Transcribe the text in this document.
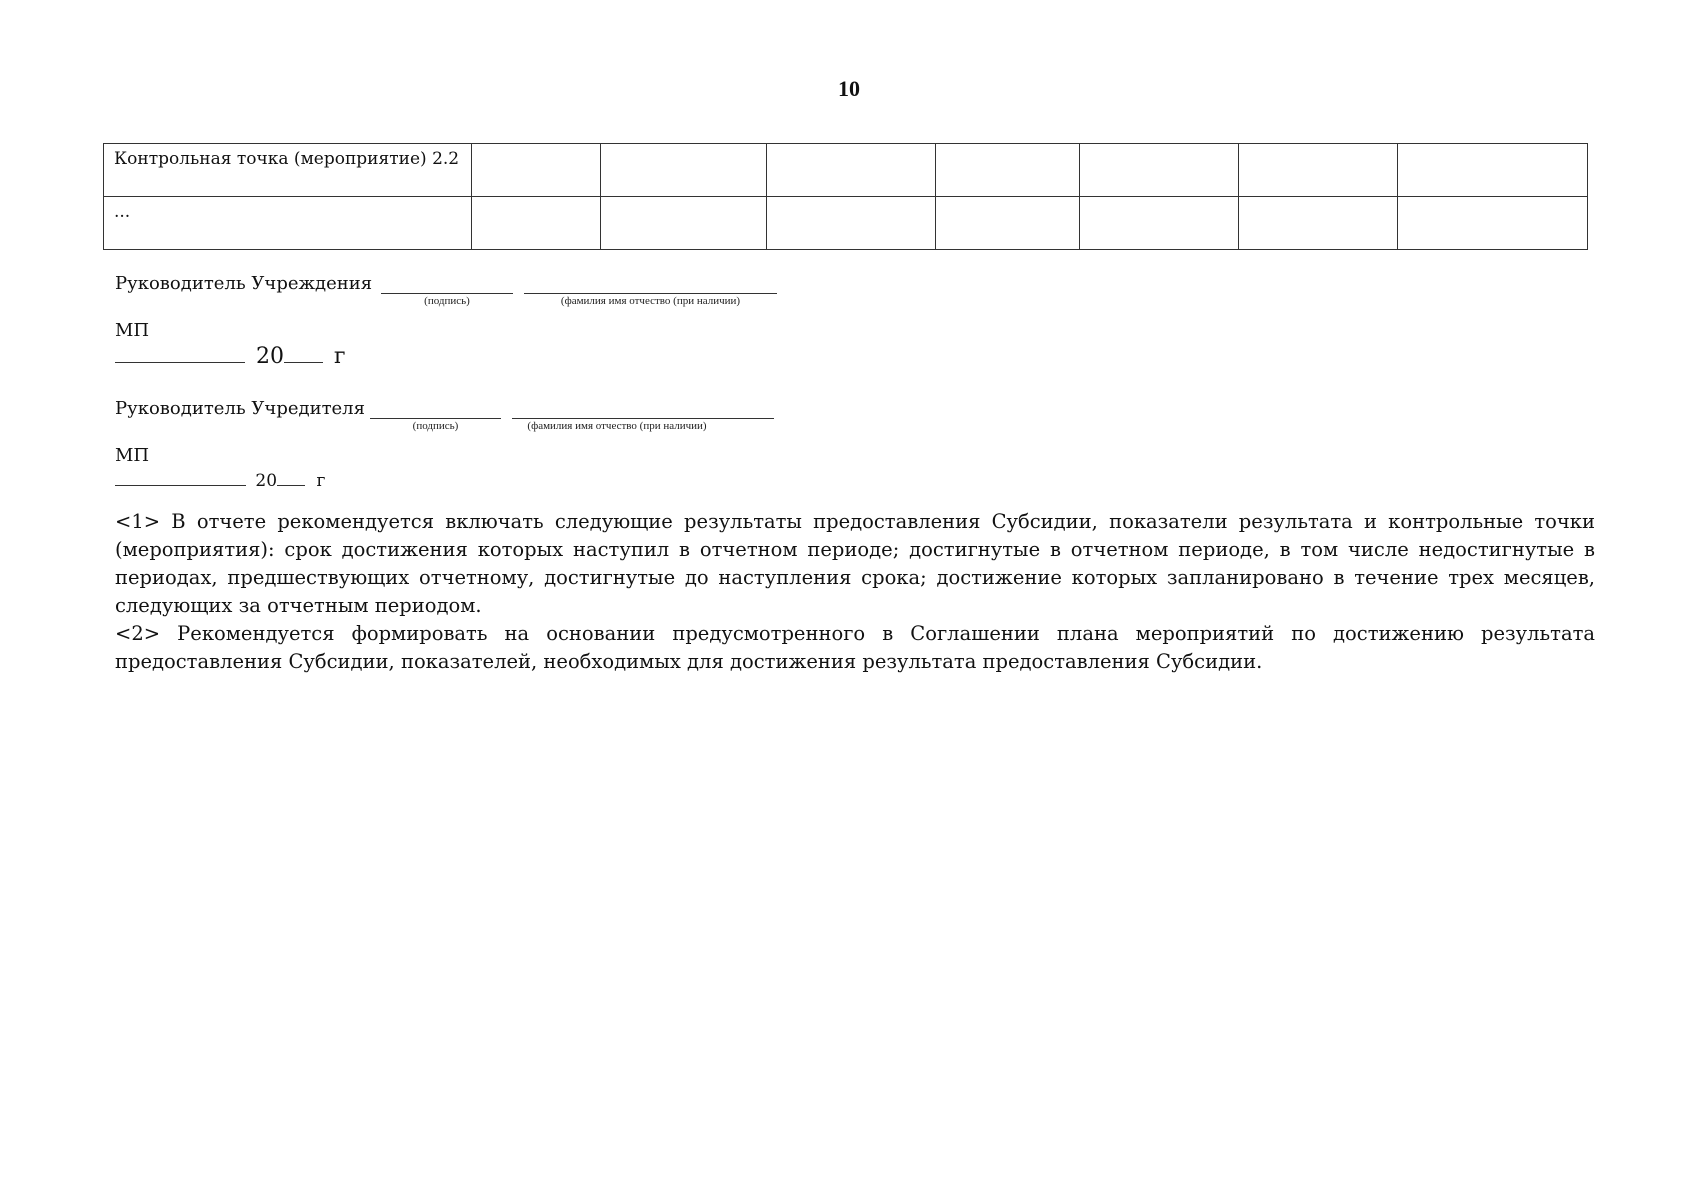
10
Контрольная точка (мероприятие) 2.2							
...							
Руководитель Учреждения
(подпись)	(фамилия имя отчество (при наличии)
МП
20 г
Руководитель Учредителя
(подпись)	(фамилия имя отчество (при наличии)
МП
20 г

<1> В отчете рекомендуется включать следующие результаты предоставления Субсидии, показатели результата и контрольные точки (мероприятия): срок достижения которых наступил в отчетном периоде; достигнутые в отчетном периоде, в том числе недостигнутые в периодах, предшествующих отчетному, достигнутые до наступления срока; достижение которых запланировано в течение трех месяцев, следующих за отчетным периодом.

<2> Рекомендуется формировать на основании предусмотренного в Соглашении плана мероприятий по достижению результата предоставления Субсидии, показателей, необходимых для достижения результата предоставления Субсидии.
